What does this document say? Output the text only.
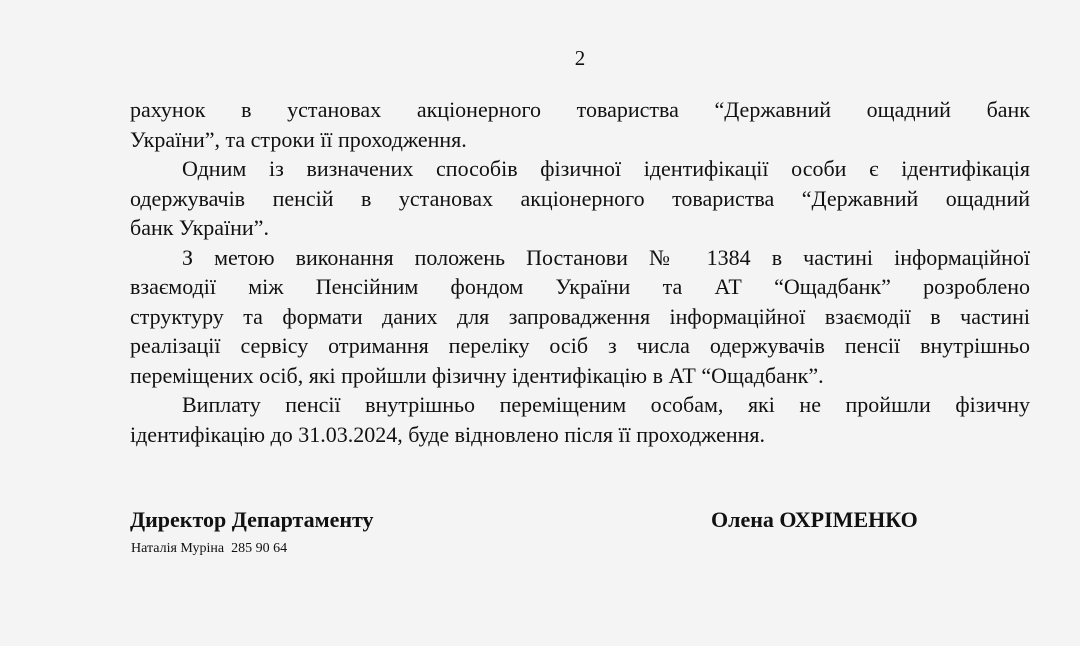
2

рахунок в установах акціонерного товариства “Державний ощадний банк
України”, та строки її проходження.

Одним із визначених способів фізичної ідентифікації особи є ідентифікація
одержувачів пенсій в установах акціонерного товариства “Державний ощадний
банк України”.

З метою виконання положень Постанови № 1384 в частині інформаційної
взаємодії між Пенсійним фондом України та АТ “Ощадбанк” розроблено
структуру та формати даних для запровадження інформаційної взаємодії в частині
реалізації сервісу отримання переліку осіб з числа одержувачів пенсії внутрішньо
переміщених осіб, які пройшли фізичну ідентифікацію в АТ “Ощадбанк”.

Виплату пенсії внутрішньо переміщеним особам, які не пройшли фізичну
ідентифікацію до 31.03.2024, буде відновлено після її проходження.

Директор Департаменту	Олена ОХРІМЕНКО
Наталія Муріна  285 90 64
